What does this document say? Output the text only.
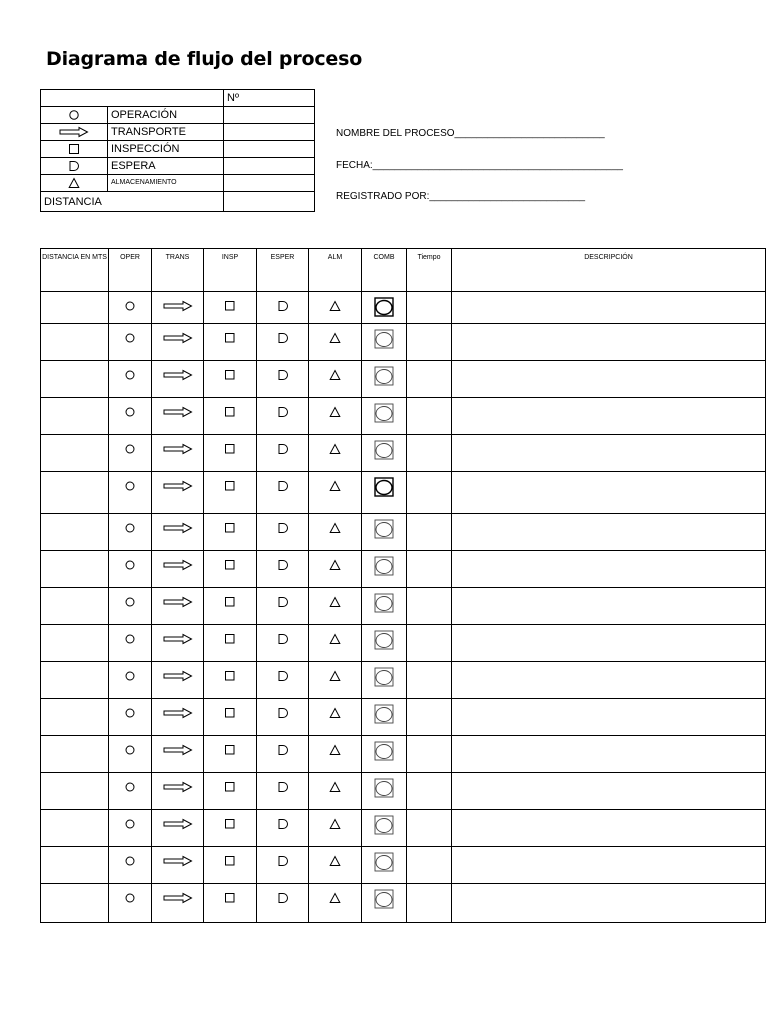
Diagrama de flujo del proceso
		Nº
	OPERACIÓN	
	TRANSPORTE	
	INSPECCIÓN	
	ESPERA	
	ALMACENAMIENTO	
DISTANCIA		
NOMBRE DEL PROCESO___________________________
FECHA:_____________________________________________
REGISTRADO POR:____________________________
DISTANCIA EN MTS	OPER	TRANS	INSP	ESPER	ALM	COMB	Tiempo	DESCRIPCIÓN
